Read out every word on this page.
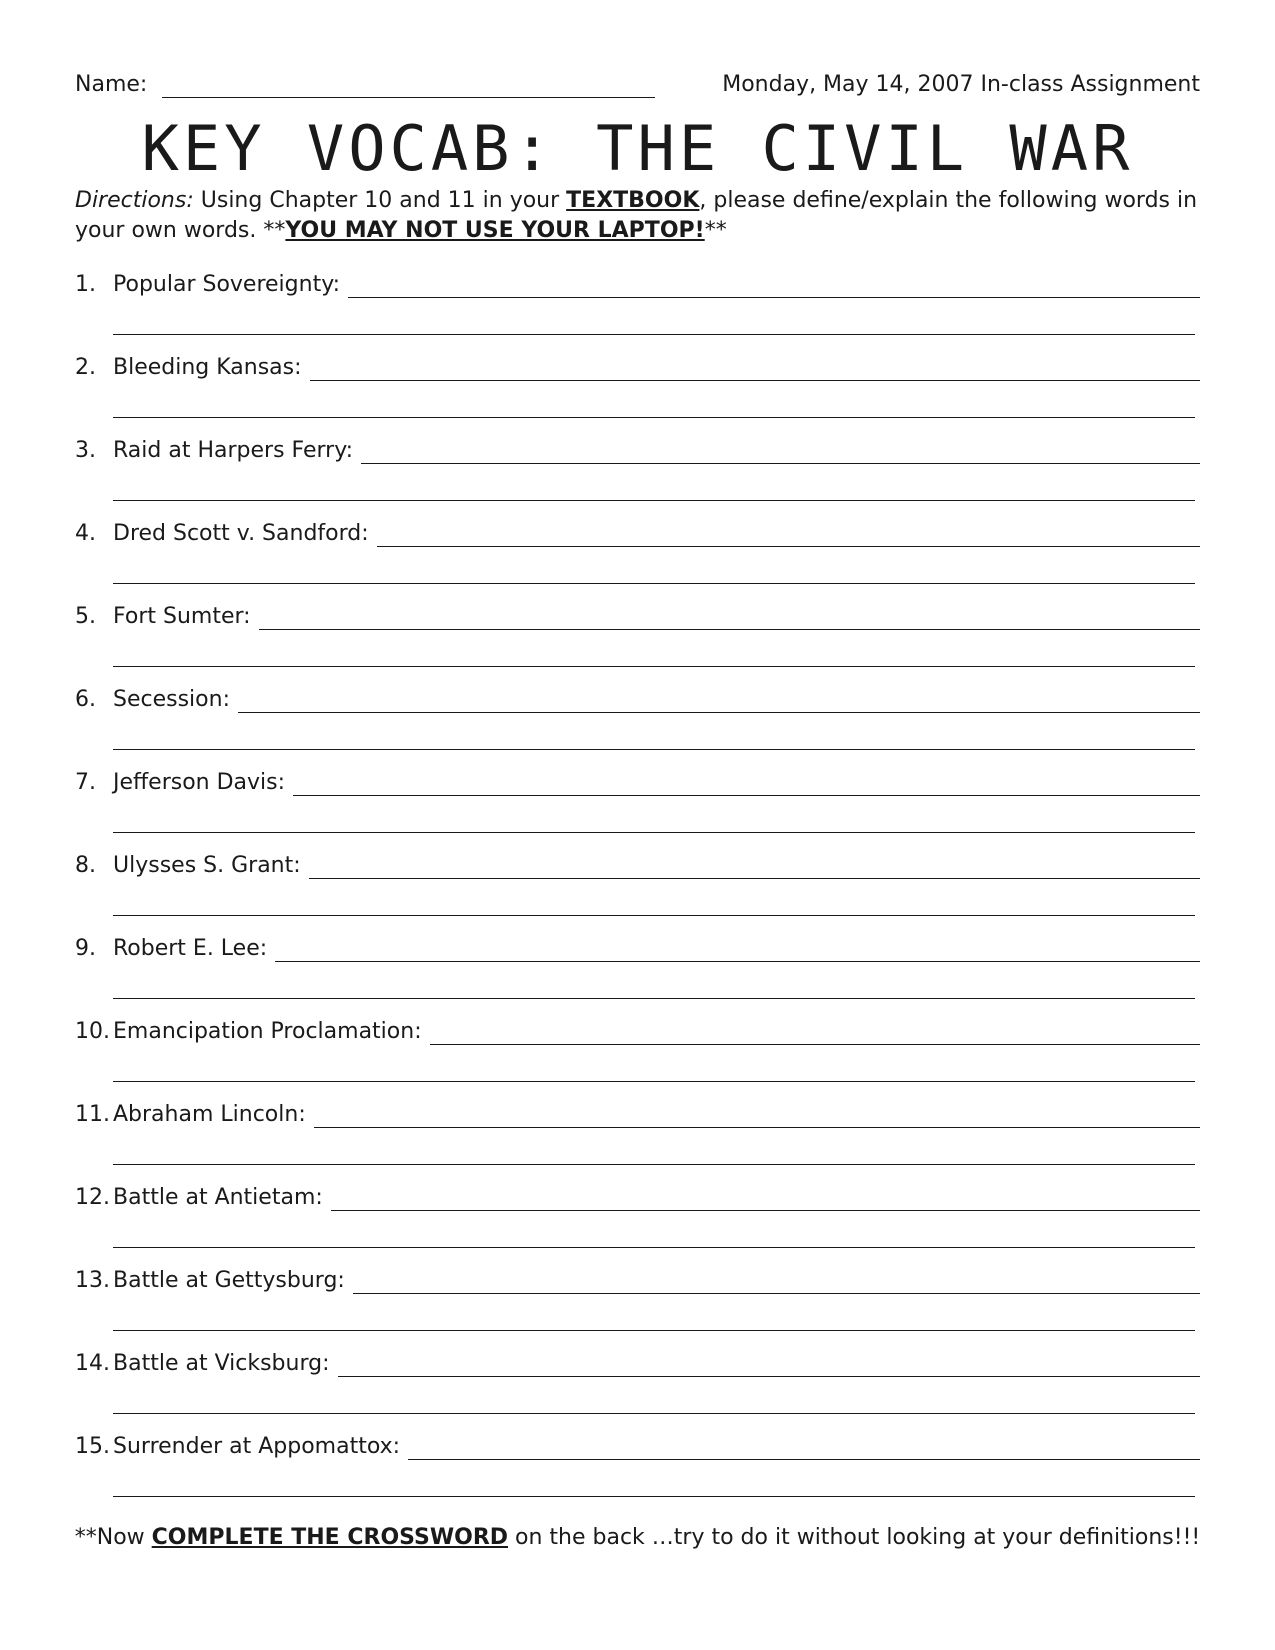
Name:	Monday, May 14, 2007 In-class Assignment
KEY VOCAB: THE CIVIL WAR
Directions: Using Chapter 10 and 11 in your TEXTBOOK, please define/explain the following words in your own words. **YOU MAY NOT USE YOUR LAPTOP!**
1. Popular Sovereignty:
2. Bleeding Kansas:
3. Raid at Harpers Ferry:
4. Dred Scott v. Sandford:
5. Fort Sumter:
6. Secession:
7. Jefferson Davis:
8. Ulysses S. Grant:
9. Robert E. Lee:
10. Emancipation Proclamation:
11. Abraham Lincoln:
12. Battle at Antietam:
13. Battle at Gettysburg:
14. Battle at Vicksburg:
15. Surrender at Appomattox:
**Now COMPLETE THE CROSSWORD on the back …try to do it without looking at your definitions!!!
